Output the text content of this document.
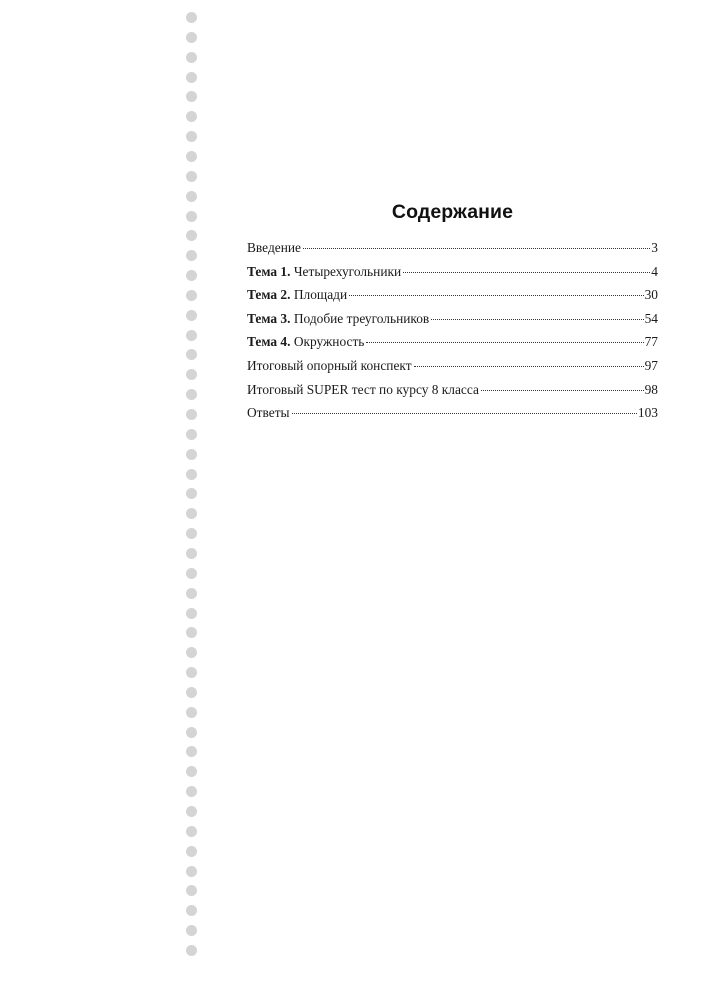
Содержание
Введение	3
Тема 1. Четырехугольники	4
Тема 2. Площади	30
Тема 3. Подобие треугольников	54
Тема 4. Окружность	77
Итоговый опорный конспект	97
Итоговый SUPER тест по курсу 8 класса	98
Ответы	103
